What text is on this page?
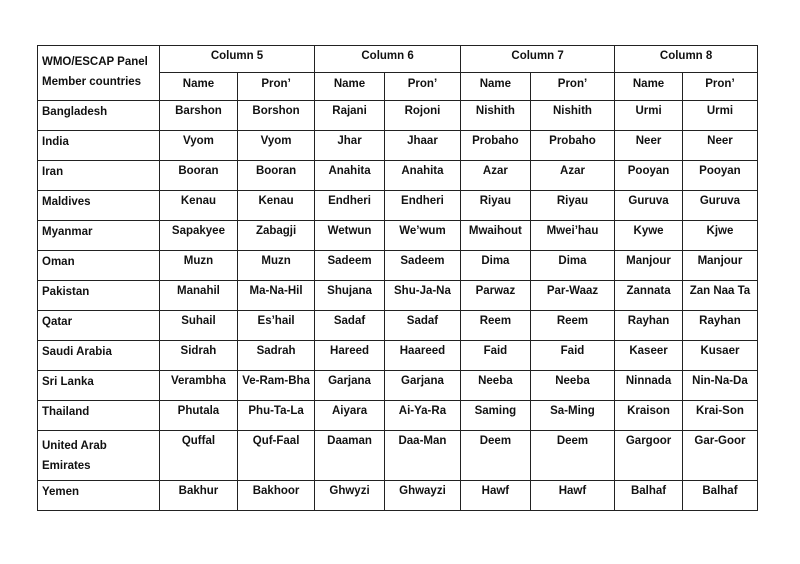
WMO/ESCAP Panel
Member countries	Column 5		Column 6		Column 7		Column 8	
	Name	Pron’	Name	Pron’	Name	Pron’	Name	Pron’
Bangladesh	Barshon	Borshon	Rajani	Rojoni	Nishith	Nishith	Urmi	Urmi
India	Vyom	Vyom	Jhar	Jhaar	Probaho	Probaho	Neer	Neer
Iran	Booran	Booran	Anahita	Anahita	Azar	Azar	Pooyan	Pooyan
Maldives	Kenau	Kenau	Endheri	Endheri	Riyau	Riyau	Guruva	Guruva
Myanmar	Sapakyee	Zabagji	Wetwun	We’wum	Mwaihout	Mwei’hau	Kywe	Kjwe
Oman	Muzn	Muzn	Sadeem	Sadeem	Dima	Dima	Manjour	Manjour
Pakistan	Manahil	Ma-Na-Hil	Shujana	Shu-Ja-Na	Parwaz	Par-Waaz	Zannata	Zan Naa Ta
Qatar	Suhail	Es’hail	Sadaf	Sadaf	Reem	Reem	Rayhan	Rayhan
Saudi Arabia	Sidrah	Sadrah	Hareed	Haareed	Faid	Faid	Kaseer	Kusaer
Sri Lanka	Verambha	Ve-Ram-Bha	Garjana	Garjana	Neeba	Neeba	Ninnada	Nin-Na-Da
Thailand	Phutala	Phu-Ta-La	Aiyara	Ai-Ya-Ra	Saming	Sa-Ming	Kraison	Krai-Son
United Arab Emirates	Quffal	Quf-Faal	Daaman	Daa-Man	Deem	Deem	Gargoor	Gar-Goor
Yemen	Bakhur	Bakhoor	Ghwyzi	Ghwayzi	Hawf	Hawf	Balhaf	Balhaf
